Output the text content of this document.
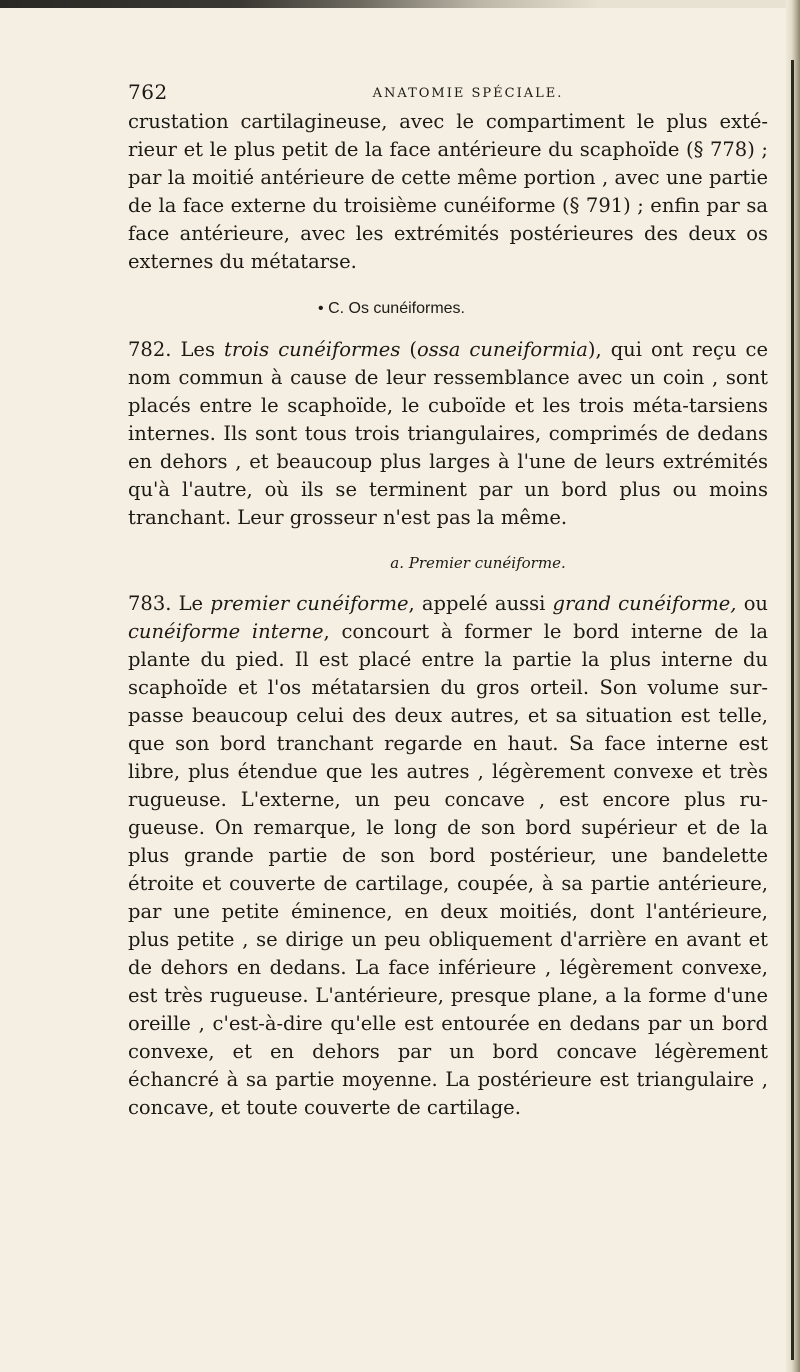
762	ANATOMIE SPÉCIALE.

crustation cartilagineuse, avec le compartiment le plus exté-rieur et le plus petit de la face antérieure du scaphoïde (§ 778) ; par la moitié antérieure de cette même portion , avec une partie de la face externe du troisième cunéiforme (§ 791) ; enfin par sa face antérieure, avec les extrémités postérieures des deux os externes du métatarse.

• C. Os cunéiformes.

782. Les trois cunéiformes (ossa cuneiformia), qui ont reçu ce nom commun à cause de leur ressemblance avec un coin , sont placés entre le scaphoïde, le cuboïde et les trois méta-tarsiens internes. Ils sont tous trois triangulaires, comprimés de dedans en dehors , et beaucoup plus larges à l'une de leurs extrémités qu'à l'autre, où ils se terminent par un bord plus ou moins tranchant. Leur grosseur n'est pas la même.

a. Premier cunéiforme.

783. Le premier cunéiforme, appelé aussi grand cunéiforme, ou cunéiforme interne, concourt à former le bord interne de la plante du pied. Il est placé entre la partie la plus interne du scaphoïde et l'os métatarsien du gros orteil. Son volume sur-passe beaucoup celui des deux autres, et sa situation est telle, que son bord tranchant regarde en haut. Sa face interne est libre, plus étendue que les autres , légèrement convexe et très rugueuse. L'externe, un peu concave , est encore plus ru-gueuse. On remarque, le long de son bord supérieur et de la plus grande partie de son bord postérieur, une bandelette étroite et couverte de cartilage, coupée, à sa partie antérieure, par une petite éminence, en deux moitiés, dont l'antérieure, plus petite , se dirige un peu obliquement d'arrière en avant et de dehors en dedans. La face inférieure , légèrement convexe, est très rugueuse. L'antérieure, presque plane, a la forme d'une oreille , c'est-à-dire qu'elle est entourée en dedans par un bord convexe, et en dehors par un bord concave légèrement échancré à sa partie moyenne. La postérieure est triangulaire , concave, et toute couverte de cartilage.
